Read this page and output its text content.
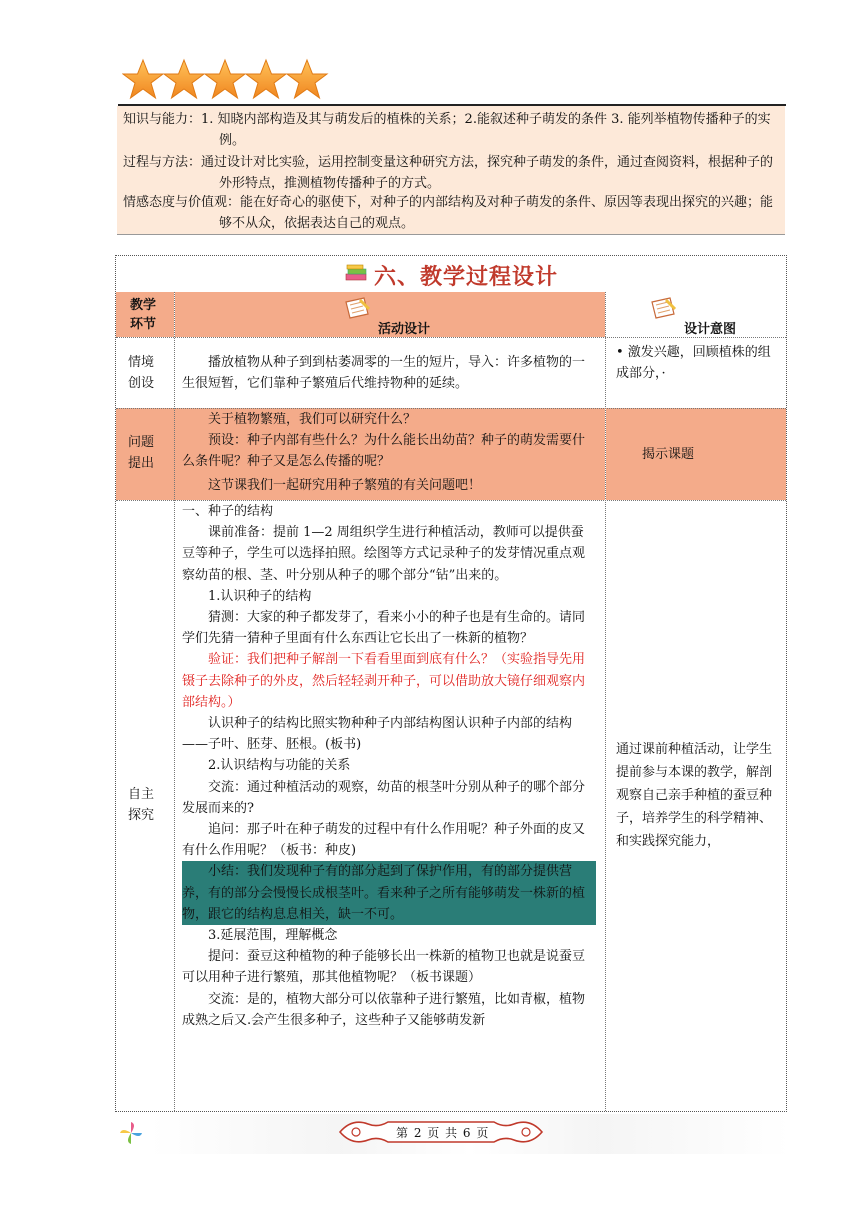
知识与能力：1. 知晓内部构造及其与萌发后的植株的关系；2.能叙述种子萌发的条件 3. 能列举植物传播种子的实例。
过程与方法：通过设计对比实验，运用控制变量这种研究方法，探究种子萌发的条件，通过查阅资料，根据种子的外形特点，推测植物传播种子的方式。
情感态度与价值观：能在好奇心的驱使下，对种子的内部结构及对种子萌发的条件、原因等表现出探究的兴趣；能够不从众，依据表达自己的观点。
六、教学过程设计
教学环节	活动设计	设计意图
情境创设
播放植物从种子到到枯萎凋零的一生的短片，导入：许多植物的一生很短暂，它们靠种子繁殖后代维持物种的延续。
• 激发兴趣，回顾植株的组成部分，·
问题提出
关于植物繁殖，我们可以研究什么？
预设：种子内部有些什么？为什么能长出幼苗？种子的萌发需要什么条件呢？种子又是怎么传播的呢？
这节课我们一起研究用种子繁殖的有关问题吧！
揭示课题
自主探究
一、种子的结构
课前准备：提前 1—2 周组织学生进行种植活动，教师可以提供蚕豆等种子，学生可以选择拍照。绘图等方式记录种子的发芽情况重点观察幼苗的根、茎、叶分别从种子的哪个部分“钻”出来的。
1.认识种子的结构
猜测：大家的种子都发芽了，看来小小的种子也是有生命的。请同学们先猜一猜种子里面有什么东西让它长出了一株新的植物？
验证：我们把种子解剖一下看看里面到底有什么？（实验指导先用镊子去除种子的外皮，然后轻轻剥开种子，可以借助放大镜仔细观察内部结构。）
认识种子的结构比照实物种种子内部结构图认识种子内部的结构——子叶、胚芽、胚根。(板书)
2.认识结构与功能的关系
交流：通过种植活动的观察，幼苗的根茎叶分别从种子的哪个部分发展而来的?
追问：那子叶在种子萌发的过程中有什么作用呢？种子外面的皮又有什么作用呢？（板书：种皮)
小结：我们发现种子有的部分起到了保护作用，有的部分提供营养，有的部分会慢慢长成根茎叶。看来种子之所有能够萌发一株新的植物，跟它的结构息息相关，缺一不可。
3.延展范围，理解概念
提问：蚕豆这种植物的种子能够长出一株新的植物卫也就是说蚕豆可以用种子进行繁殖，那其他植物呢？（板书课题）
交流：是的，植物大部分可以依靠种子进行繁殖，比如青椒，植物成熟之后又.会产生很多种子，这些种子又能够萌发新
通过课前种植活动，让学生提前参与本课的教学，解剖观察自己亲手种植的蚕豆种子，培养学生的科学精神、和实践探究能力，
第 2 页 共 6 页
